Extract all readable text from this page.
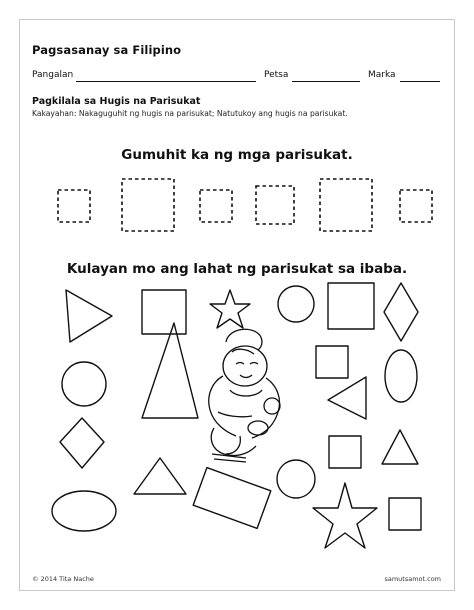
Pagsasanay sa Filipino
Pangalan	Petsa	Marka
Pagkilala sa Hugis na Parisukat
Kakayahan: Nakaguguhit ng hugis na parisukat; Natutukoy ang hugis na parisukat.
Gumuhit ka ng mga parisukat.
Kulayan mo ang lahat ng parisukat sa ibaba.
© 2014 Tita Nache	samutsamot.com
